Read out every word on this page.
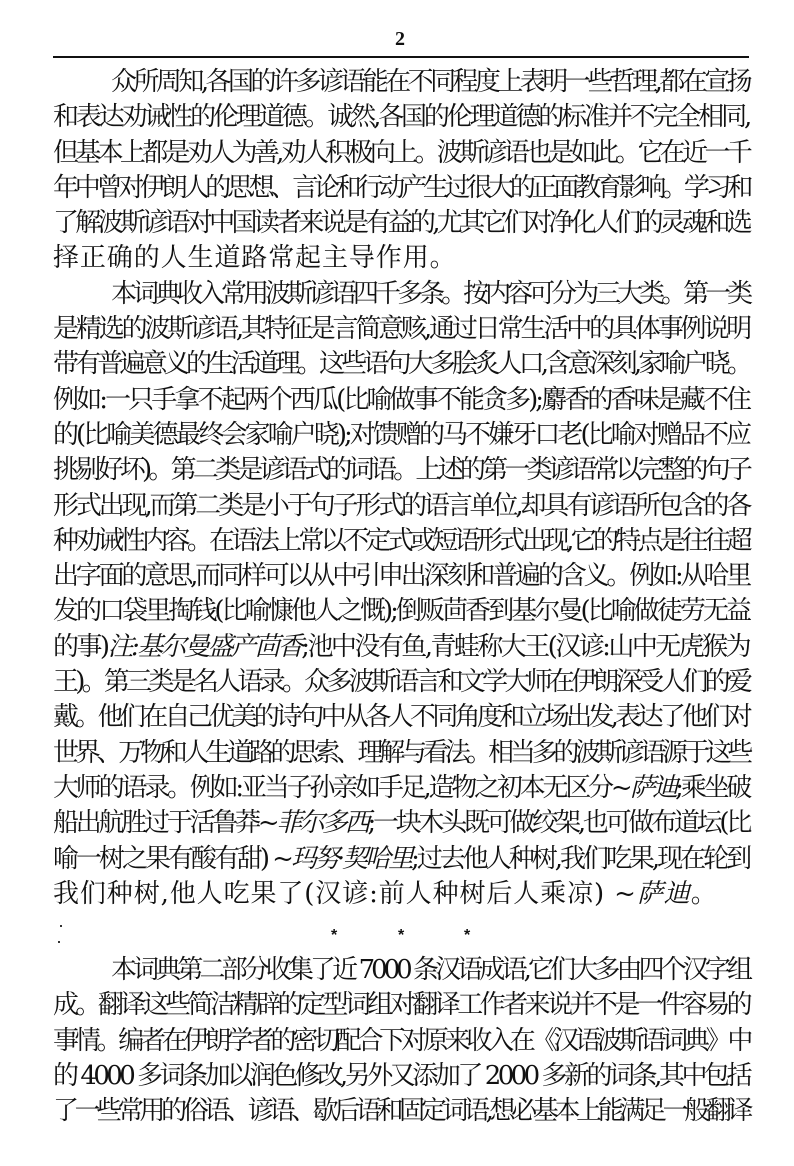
2
众所周知,各国的许多谚语能在不同程度上表明一些哲理,都在宣扬
和表达劝诫性的伦理道德。诚然,各国的伦理道德的标准并不完全相同,
但基本上都是劝人为善,劝人积极向上。波斯谚语也是如此。它在近一千
年中曾对伊朗人的思想、言论和行动产生过很大的正面教育影响。学习和
了解波斯谚语对中国读者来说是有益的,尤其它们对净化人们的灵魂和选
择正确的人生道路常起主导作用。
本词典收入常用波斯谚语四千多条。按内容可分为三大类。第一类
是精选的波斯谚语,其特征是言简意赅,通过日常生活中的具体事例说明
带有普遍意义的生活道理。这些语句大多脍炙人口,含意深刻,家喻户晓。
例如:一只手拿不起两个西瓜(比喻做事不能贪多);麝香的香味是藏不住
的(比喻美德最终会家喻户晓);对馈赠的马不嫌牙口老(比喻对赠品不应
挑剔好坏)。第二类是谚语式的词语。上述的第一类谚语常以完整的句子
形式出现,而第二类是小于句子形式的语言单位,却具有谚语所包含的各
种劝诫性内容。在语法上常以不定式或短语形式出现,它的特点是往往超
出字面的意思,而同样可以从中引申出深刻和普遍的含义。例如:从哈里
发的口袋里掏钱(比喻慷他人之慨);倒贩茴香到基尔曼(比喻做徒劳无益
的事)注:基尔曼盛产茴香;池中没有鱼,青蛙称大王(汉谚:山中无虎猴为
王)。第三类是名人语录。众多波斯语言和文学大师在伊朗深受人们的爱
戴。他们在自己优美的诗句中从各人不同角度和立场出发,表达了他们对
世界、万物和人生道路的思索、理解与看法。相当多的波斯谚语源于这些
大师的语录。例如:亚当子孙亲如手足,造物之初本无区分~萨迪;乘坐破
船出航胜过于活鲁莽~菲尔多西;一块木头既可做绞架,也可做布道坛(比
喻一树之果有酸有甜) ~玛努·契哈里;过去他人种树,我们吃果,现在轮到
我们种树,他人吃果了(汉谚:前人种树后人乘凉) ~萨迪。
*	*	*
本词典第二部分收集了近 7000 条汉语成语,它们大多由四个汉字组
成。翻译这些简洁精辟的定型词组对翻译工作者来说并不是一件容易的
事情。编者在伊朗学者的密切配合下对原来收入在《汉语波斯语词典》中
的 4000 多词条加以润色修改,另外又添加了 2000 多新的词条,其中包括
了一些常用的俗语、谚语、歇后语和固定词语,想必基本上能满足一般翻译
